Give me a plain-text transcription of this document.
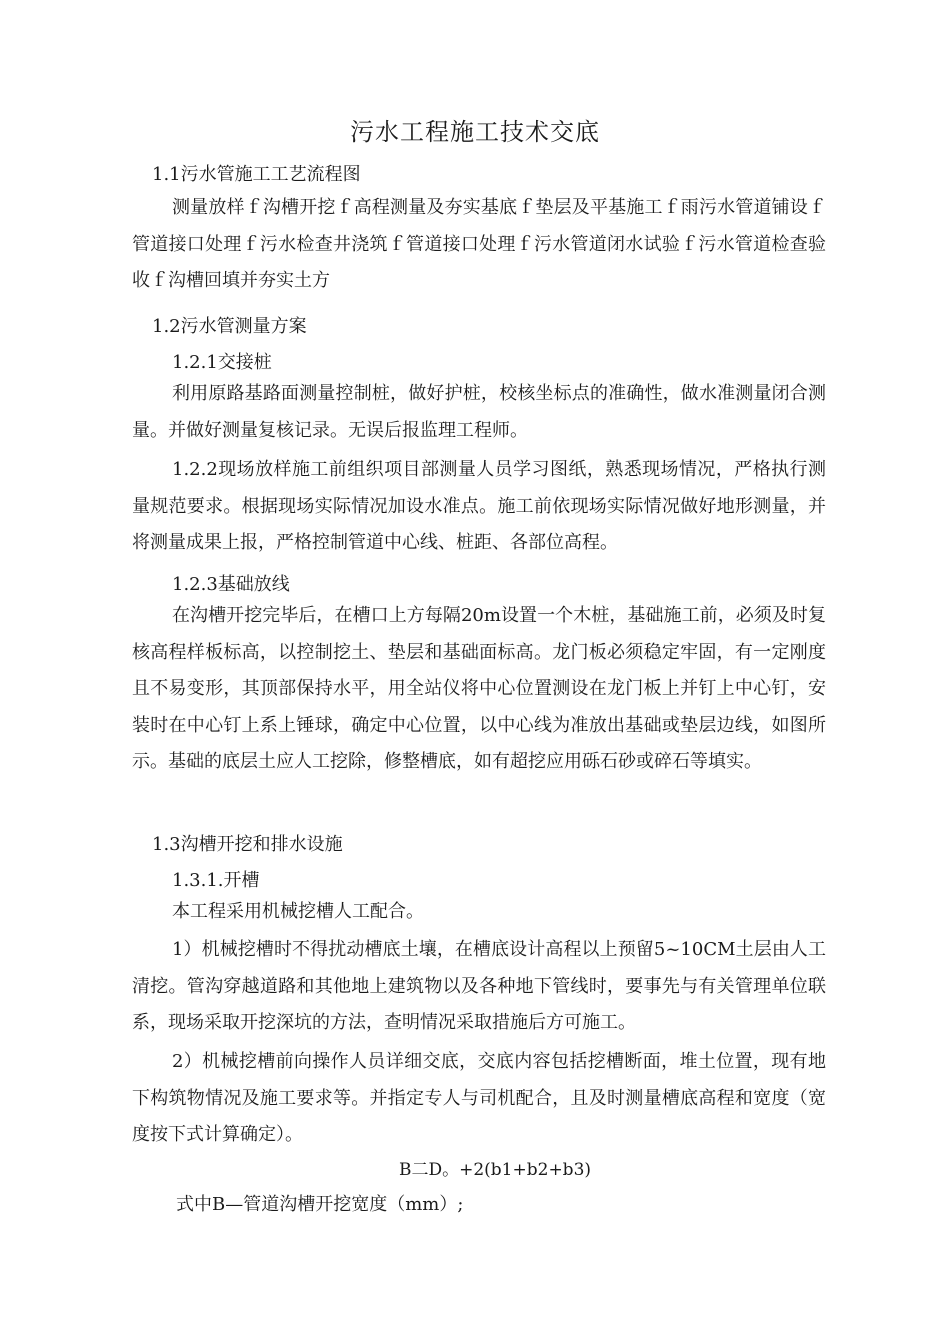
污水工程施工技术交底
1.1污水管施工工艺流程图

测量放样ｆ沟槽开挖ｆ高程测量及夯实基底ｆ垫层及平基施工ｆ雨污水管道铺设ｆ管道接口处理ｆ污水检查井浇筑ｆ管道接口处理ｆ污水管道闭水试验ｆ污水管道检查验收ｆ沟槽回填并夯实土方

1.2污水管测量方案
1.2.1交接桩

利用原路基路面测量控制桩，做好护桩，校核坐标点的准确性，做水准测量闭合测量。并做好测量复核记录。无误后报监理工程师。

1.2.2现场放样施工前组织项目部测量人员学习图纸，熟悉现场情况，严格执行测量规范要求。根据现场实际情况加设水准点。施工前依现场实际情况做好地形测量，并将测量成果上报，严格控制管道中心线、桩距、各部位高程。

1.2.3基础放线

在沟槽开挖完毕后，在槽口上方每隔20m设置一个木桩，基础施工前，必须及时复核高程样板标高，以控制挖土、垫层和基础面标高。龙门板必须稳定牢固，有一定刚度且不易变形，其顶部保持水平，用全站仪将中心位置测设在龙门板上并钉上中心钉，安装时在中心钉上系上锤球，确定中心位置，以中心线为准放出基础或垫层边线，如图所示。基础的底层土应人工挖除，修整槽底，如有超挖应用砾石砂或碎石等填实。

1.3沟槽开挖和排水设施
1.3.1.开槽

本工程采用机械挖槽人工配合。

1）机械挖槽时不得扰动槽底土壤，在槽底设计高程以上预留5~10CM土层由人工清挖。管沟穿越道路和其他地上建筑物以及各种地下管线时，要事先与有关管理单位联系，现场采取开挖深坑的方法，查明情况采取措施后方可施工。

2）机械挖槽前向操作人员详细交底，交底内容包括挖槽断面，堆土位置，现有地下构筑物情况及施工要求等。并指定专人与司机配合，且及时测量槽底高程和宽度（宽度按下式计算确定）。

B二D。+2(b1+b2+b3)
式中B—管道沟槽开挖宽度（mm）;
